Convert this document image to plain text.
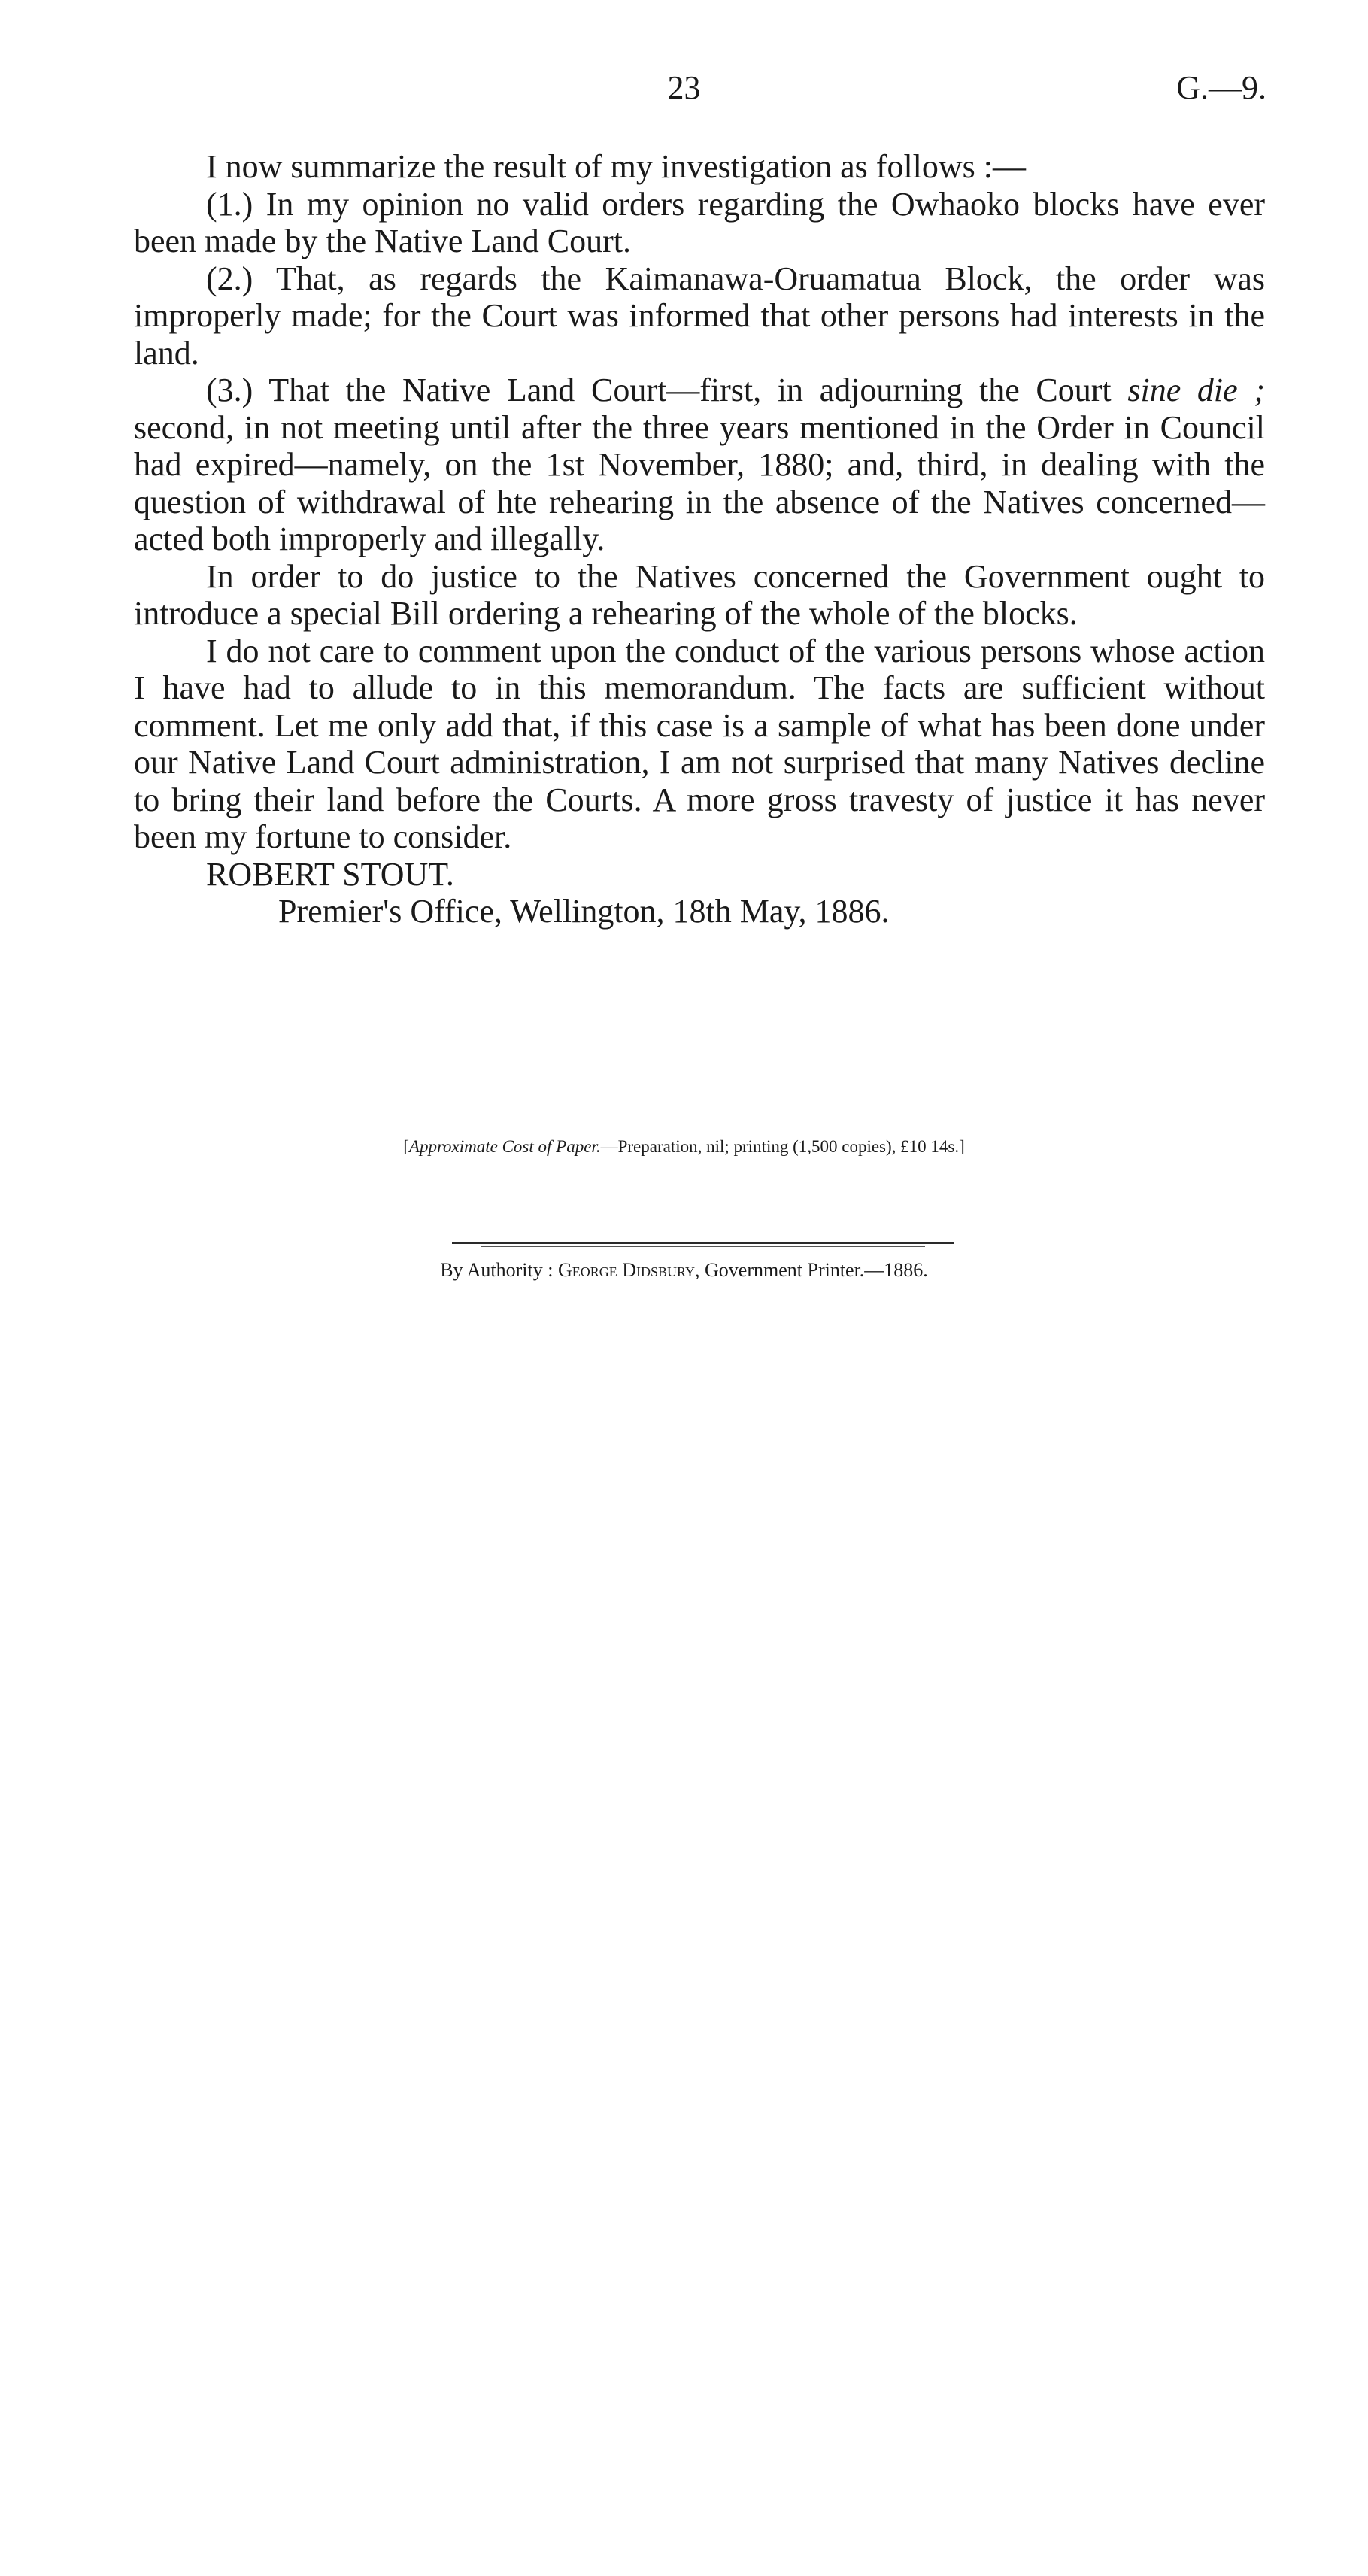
23	G.—9.

I now summarize the result of my investigation as follows :—

(1.) In my opinion no valid orders regarding the Owhaoko blocks have ever been made by the Native Land Court.

(2.) That, as regards the Kaimanawa-Oruamatua Block, the order was improperly made; for the Court was informed that other persons had interests in the land.

(3.) That the Native Land Court—first, in adjourning the Court sine die ; second, in not meeting until after the three years mentioned in the Order in Council had expired—namely, on the 1st November, 1880; and, third, in dealing with the question of withdrawal of hte rehearing in the absence of the Natives concerned—acted both improperly and illegally.

In order to do justice to the Natives concerned the Government ought to introduce a special Bill ordering a rehearing of the whole of the blocks.

I do not care to comment upon the conduct of the various persons whose action I have had to allude to in this memorandum. The facts are sufficient without comment. Let me only add that, if this case is a sample of what has been done under our Native Land Court administration, I am not surprised that many Natives decline to bring their land before the Courts. A more gross travesty of justice it has never been my fortune to consider.

ROBERT STOUT.

Premier's Office, Wellington, 18th May, 1886.

[Approximate Cost of Paper.—Preparation, nil; printing (1,500 copies), £10 14s.]
By Authority : George Didsbury, Government Printer.—1886.
